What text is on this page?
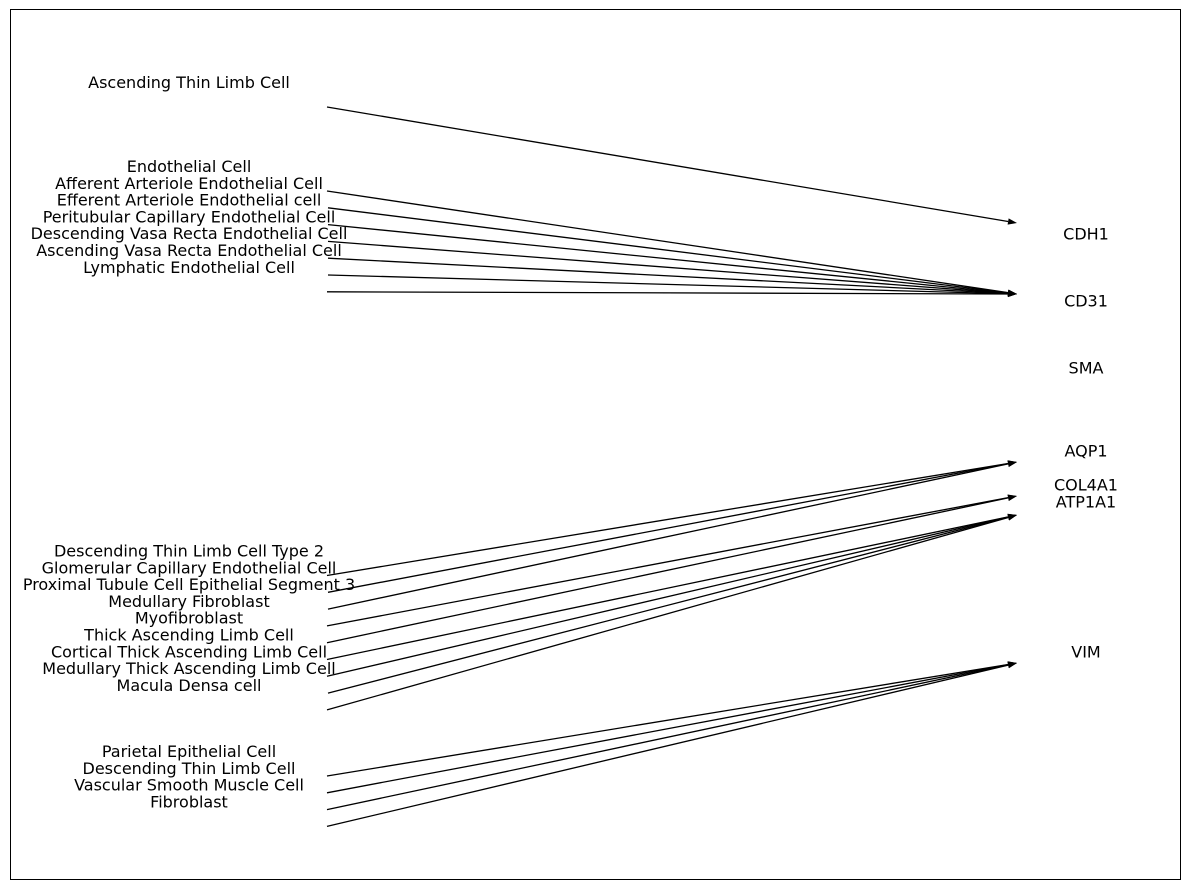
Ascending Thin Limb Cell
Endothelial Cell
Afferent Arteriole Endothelial Cell
Efferent Arteriole Endothelial cell
Peritubular Capillary Endothelial Cell
Descending Vasa Recta Endothelial Cell
Ascending Vasa Recta Endothelial Cell
Lymphatic Endothelial Cell
Descending Thin Limb Cell Type 2
Glomerular Capillary Endothelial Cell
Proximal Tubule Cell Epithelial Segment 3
Medullary Fibroblast
Myofibroblast
Thick Ascending Limb Cell
Cortical Thick Ascending Limb Cell
Medullary Thick Ascending Limb Cell
Macula Densa cell
Parietal Epithelial Cell
Descending Thin Limb Cell
Vascular Smooth Muscle Cell
Fibroblast
CDH1
CD31
SMA
AQP1
COL4A1
ATP1A1
VIM
